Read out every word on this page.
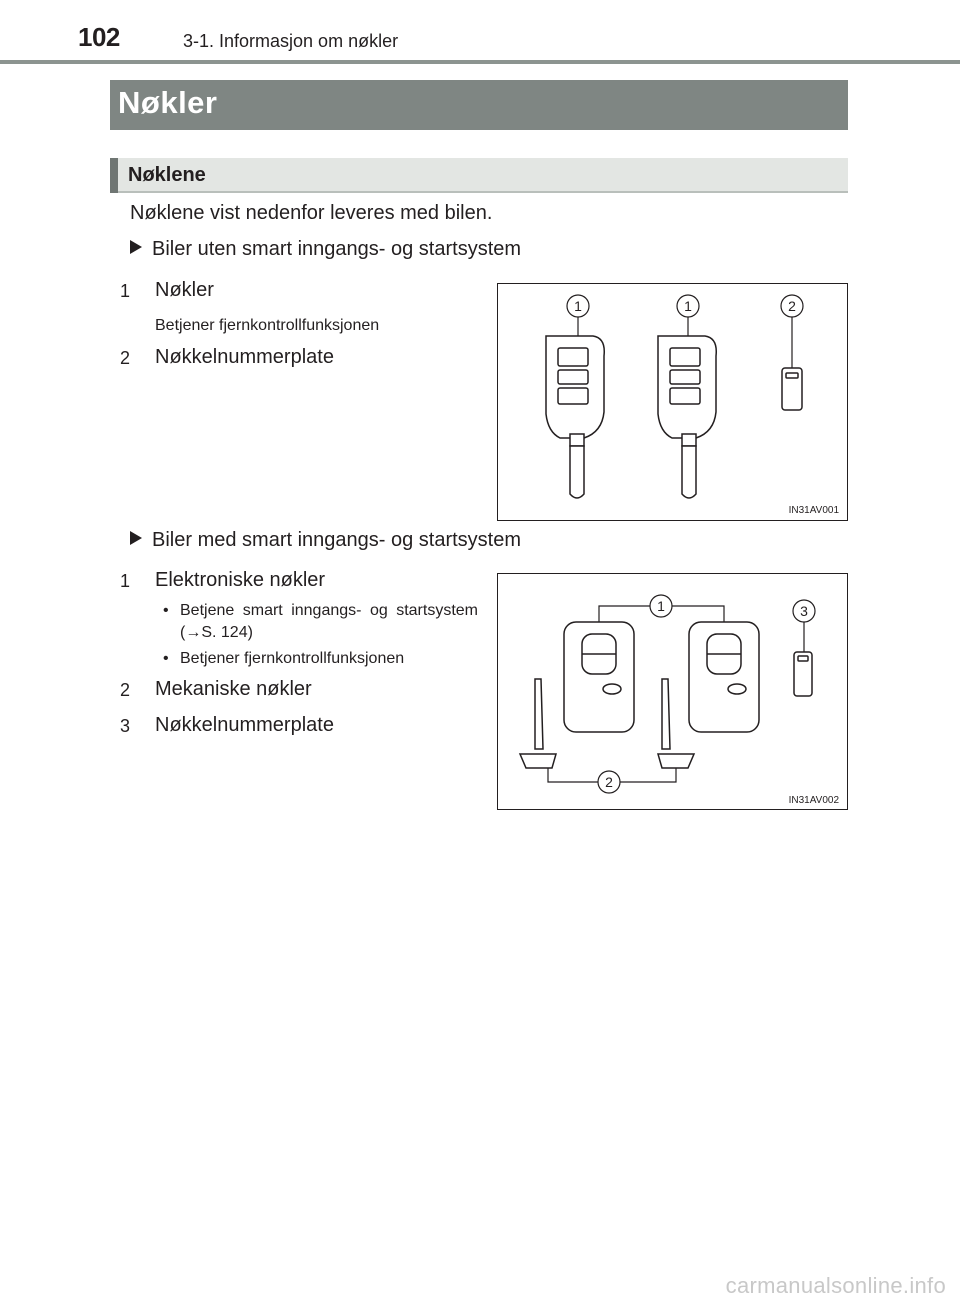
102	3-1. Informasjon om nøkler
Nøkler
Nøklene
Nøklene vist nedenfor leveres med bilen.
Biler uten smart inngangs- og startsystem
1 Nøkler
Betjener fjernkontrollfunksjonen
2 Nøkkelnummerplate
1	1	2
IN31AV001
Biler med smart inngangs- og startsystem
1 Elektroniske nøkler
• Betjene smart inngangs- og startsystem (→S. 124)
• Betjener fjernkontrollfunksjonen
2 Mekaniske nøkler
3 Nøkkelnummerplate
1	3
2
IN31AV002
carmanualsonline.info
